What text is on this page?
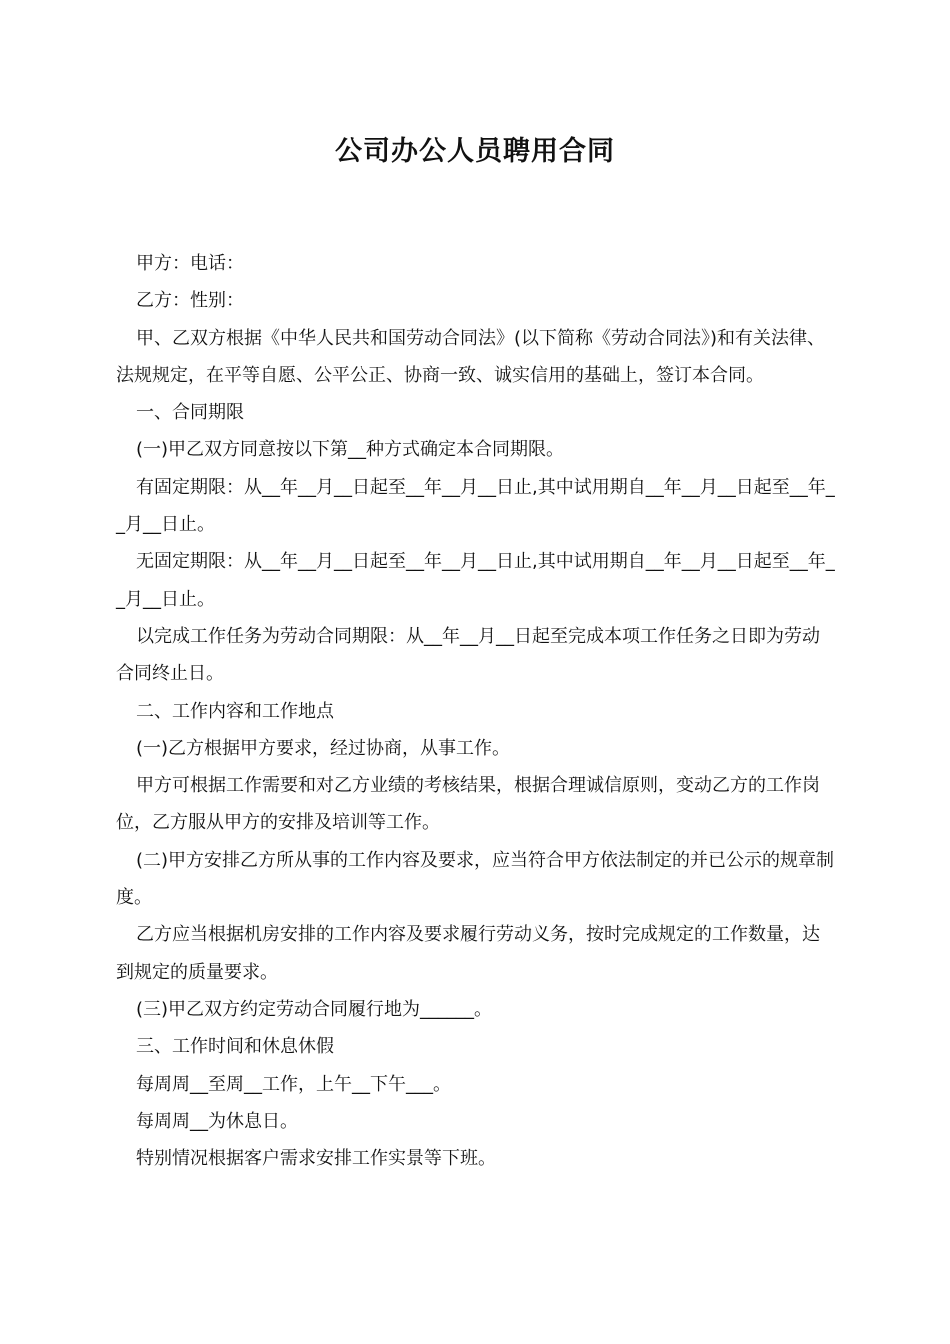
公司办公人员聘用合同

甲方：电话：

乙方：性别：

甲、乙双方根据《中华人民共和国劳动合同法》(以下简称《劳动合同法》)和有关法律、法规规定，在平等自愿、公平公正、协商一致、诚实信用的基础上，签订本合同。

一、合同期限

(一)甲乙双方同意按以下第__种方式确定本合同期限。

有固定期限：从__年__月__日起至__年__月__日止,其中试用期自__年__月__日起至__年__月__日止。

无固定期限：从__年__月__日起至__年__月__日止,其中试用期自__年__月__日起至__年__月__日止。

以完成工作任务为劳动合同期限：从__年__月__日起至完成本项工作任务之日即为劳动合同终止日。

二、工作内容和工作地点

(一)乙方根据甲方要求，经过协商，从事工作。

甲方可根据工作需要和对乙方业绩的考核结果，根据合理诚信原则，变动乙方的工作岗位，乙方服从甲方的安排及培训等工作。

(二)甲方安排乙方所从事的工作内容及要求，应当符合甲方依法制定的并已公示的规章制度。

乙方应当根据机房安排的工作内容及要求履行劳动义务，按时完成规定的工作数量，达到规定的质量要求。

(三)甲乙双方约定劳动合同履行地为______。

三、工作时间和休息休假

每周周__至周__工作，上午__下午___。

每周周__为休息日。

特别情况根据客户需求安排工作实景等下班。
